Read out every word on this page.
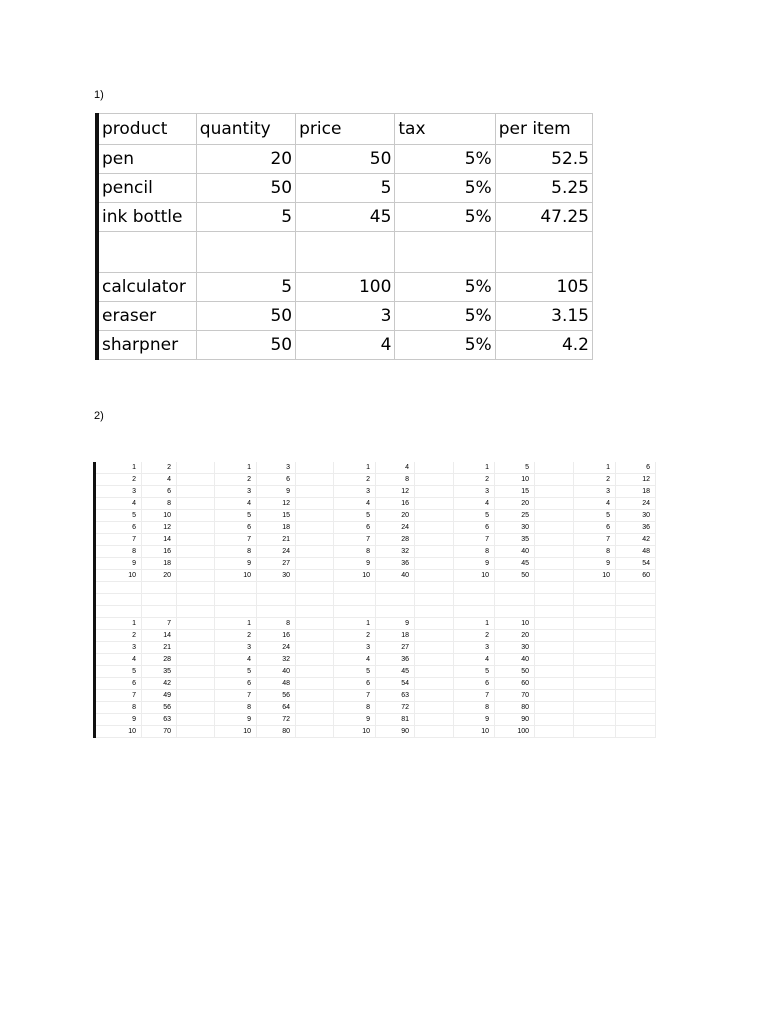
1)
product	quantity	price	tax	per item
pen	20	50	5%	52.5
pencil	50	5	5%	5.25
ink bottle	5	45	5%	47.25

calculator	5	100	5%	105
eraser	50	3	5%	3.15
sharpner	50	4	5%	4.2
2)
1	2		1	3		1	4		1	5		1	6
2	4		2	6		2	8		2	10		2	12
3	6		3	9		3	12		3	15		3	18
4	8		4	12		4	16		4	20		4	24
5	10		5	15		5	20		5	25		5	30
6	12		6	18		6	24		6	30		6	36
7	14		7	21		7	28		7	35		7	42
8	16		8	24		8	32		8	40		8	48
9	18		9	27		9	36		9	45		9	54
10	20		10	30		10	40		10	50		10	60

1	7		1	8		1	9		1	10			
2	14		2	16		2	18		2	20			
3	21		3	24		3	27		3	30			
4	28		4	32		4	36		4	40			
5	35		5	40		5	45		5	50			
6	42		6	48		6	54		6	60			
7	49		7	56		7	63		7	70			
8	56		8	64		8	72		8	80			
9	63		9	72		9	81		9	90			
10	70		10	80		10	90		10	100			
